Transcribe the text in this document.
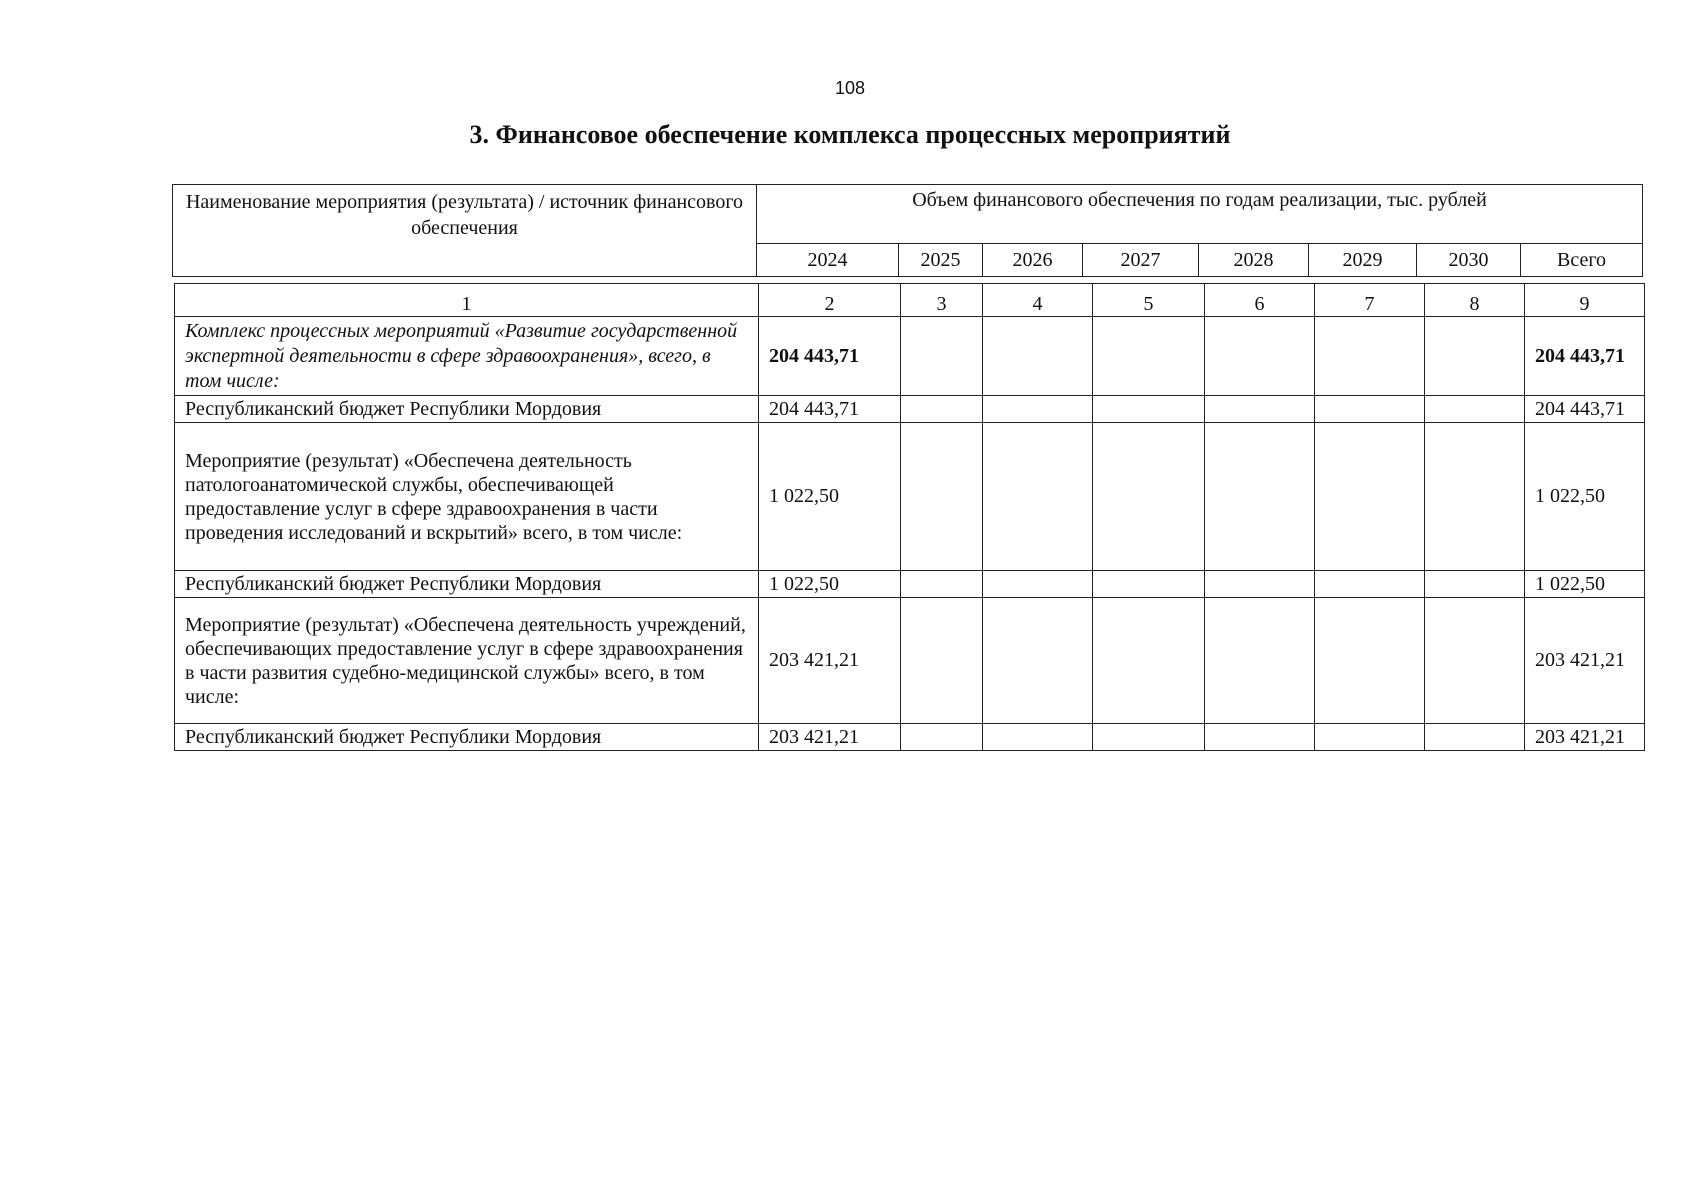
108
3. Финансовое обеспечение комплекса процессных мероприятий
Наименование мероприятия (результата) / источник финансового обеспечения	Объем финансового обеспечения по годам реализации, тыс. рублей							
	2024	2025	2026	2027	2028	2029	2030	Всего
1	2	3	4	5	6	7	8	9
Комплекс процессных мероприятий «Развитие государственной экспертной деятельности в сфере здравоохранения», всего, в том числе:	204 443,71							204 443,71
Республиканский бюджет Республики Мордовия	204 443,71							204 443,71
Мероприятие (результат) «Обеспечена деятельность патологоанатомической службы, обеспечивающей предоставление услуг в сфере здравоохранения в части проведения исследований и вскрытий» всего, в том числе:	1 022,50							1 022,50
Республиканский бюджет Республики Мордовия	1 022,50							1 022,50
Мероприятие (результат) «Обеспечена деятельность учреждений, обеспечивающих предоставление услуг в сфере здравоохранения в части развития судебно-медицинской службы» всего, в том числе:	203 421,21							203 421,21
Республиканский бюджет Республики Мордовия	203 421,21							203 421,21
